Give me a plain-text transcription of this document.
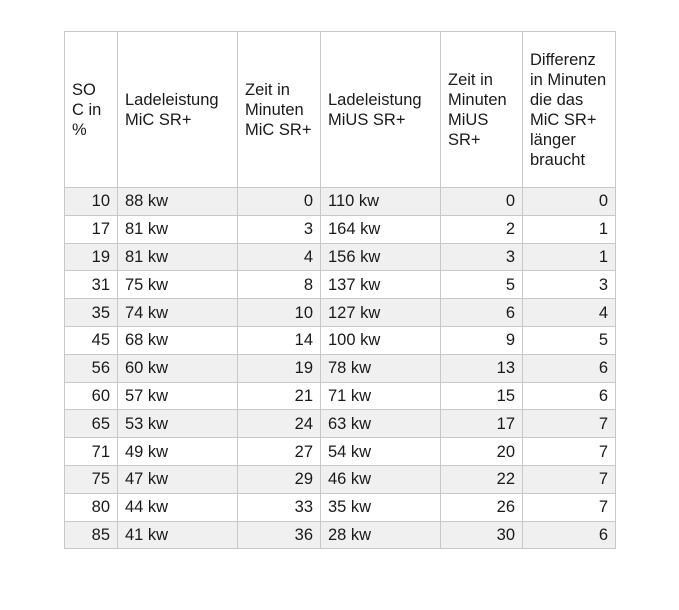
SO C in %	Ladeleistung MiC SR+	Zeit in Minuten MiC SR+	Ladeleistung MiUS SR+	Zeit in Minuten MiUS SR+	Differenz in Minuten die das MiC SR+ länger braucht
10	88 kw	0	110 kw	0	0
17	81 kw	3	164 kw	2	1
19	81 kw	4	156 kw	3	1
31	75 kw	8	137 kw	5	3
35	74 kw	10	127 kw	6	4
45	68 kw	14	100 kw	9	5
56	60 kw	19	78 kw	13	6
60	57 kw	21	71 kw	15	6
65	53 kw	24	63 kw	17	7
71	49 kw	27	54 kw	20	7
75	47 kw	29	46 kw	22	7
80	44 kw	33	35 kw	26	7
85	41 kw	36	28 kw	30	6
